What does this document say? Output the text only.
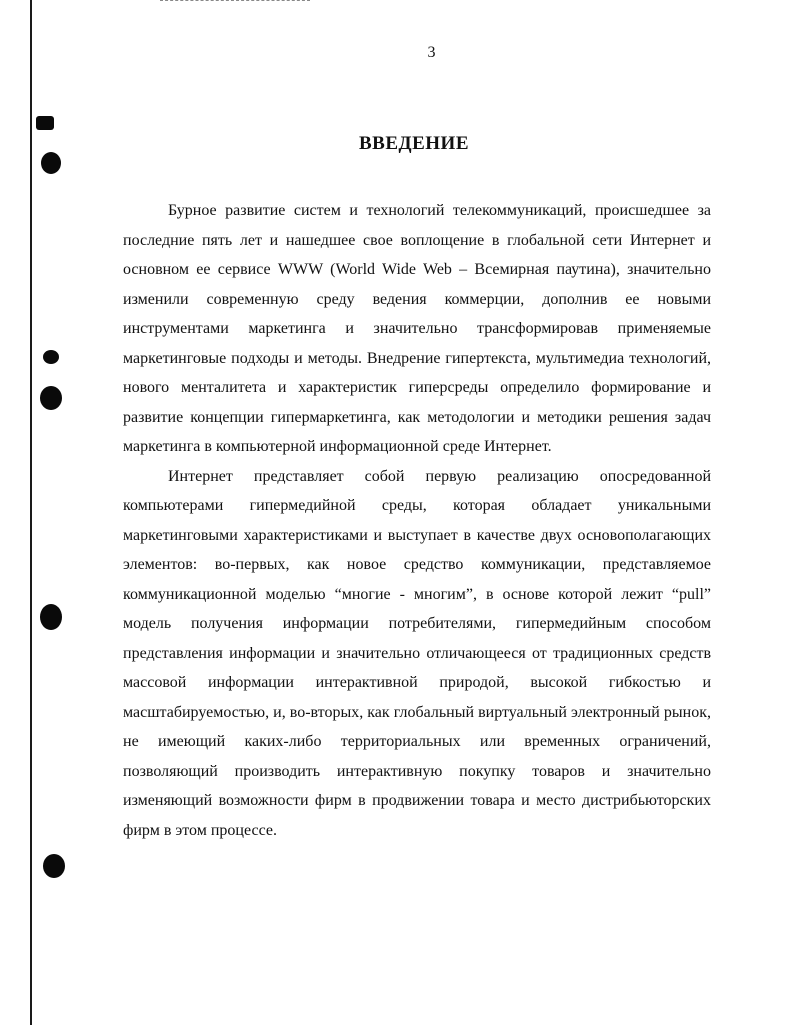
3
ВВЕДЕНИЕ

Бурное развитие систем и технологий телекоммуникаций, происшедшее за последние пять лет и нашедшее свое воплощение в глобальной сети Интернет и основном ее сервисе WWW (World Wide Web – Всемирная паутина), значительно изменили современную среду ведения коммерции, дополнив ее новыми инструментами маркетинга и значительно трансформировав применяемые маркетинговые подходы и методы. Внедрение гипертекста, мультимедиа технологий, нового менталитета и характеристик гиперсреды определило формирование и развитие концепции гипермаркетинга, как методологии и методики решения задач маркетинга в компьютерной информационной среде Интернет.

Интернет представляет собой первую реализацию опосредованной компьютерами гипермедийной среды, которая обладает уникальными маркетинговыми характеристиками и выступает в качестве двух основополагающих элементов: во-первых, как новое средство коммуникации, представляемое коммуникационной моделью “многие - многим”, в основе которой лежит “pull” модель получения информации потребителями, гипермедийным способом представления информации и значительно отличающееся от традиционных средств массовой информации интерактивной природой, высокой гибкостью и масштабируемостью, и, во-вторых, как глобальный виртуальный электронный рынок, не имеющий каких-либо территориальных или временных ограничений, позволяющий производить интерактивную покупку товаров и значительно изменяющий возможности фирм в продвижении товара и место дистрибьюторских фирм в этом процессе.
